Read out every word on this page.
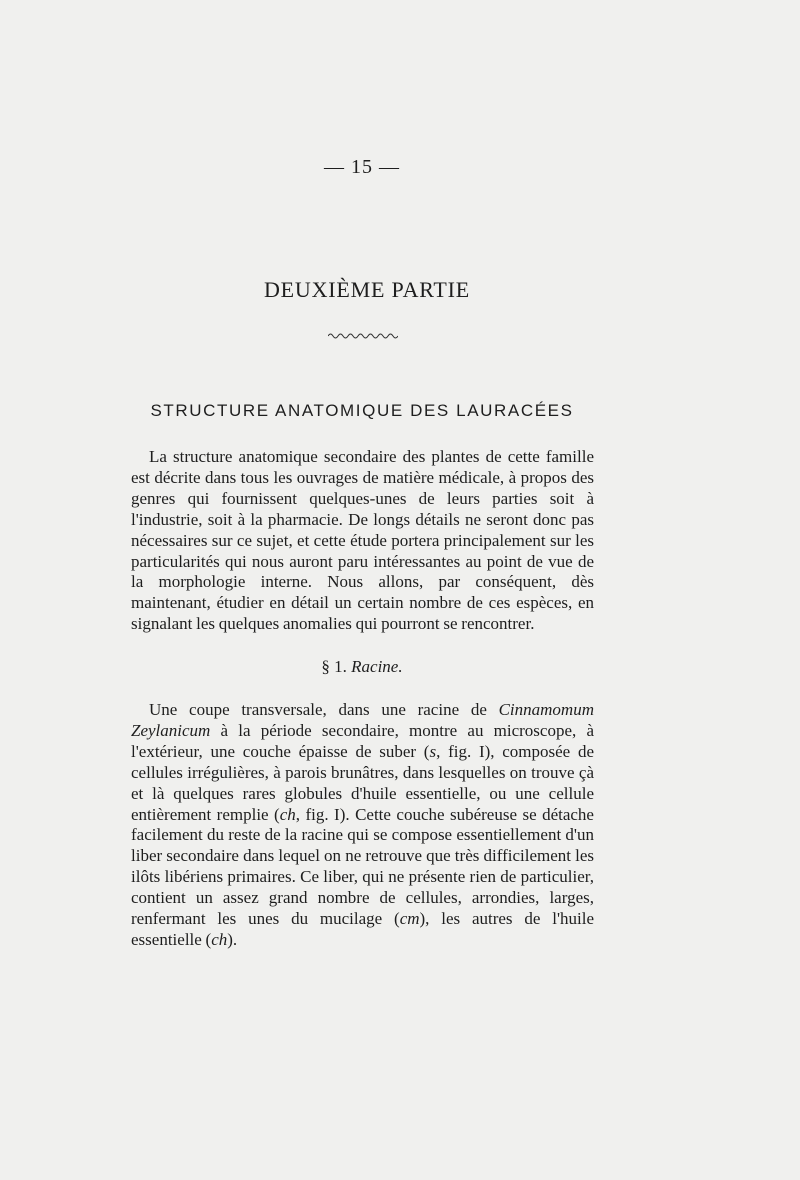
— 15 —
DEUXIÈME PARTIE
STRUCTURE ANATOMIQUE DES LAURACÉES

La structure anatomique secondaire des plantes de cette famille est décrite dans tous les ouvrages de matière médicale, à propos des genres qui fournissent quelques-unes de leurs parties soit à l'industrie, soit à la pharmacie. De longs détails ne seront donc pas nécessaires sur ce sujet, et cette étude portera principalement sur les particularités qui nous auront paru intéressantes au point de vue de la morphologie interne. Nous allons, par conséquent, dès maintenant, étudier en détail un certain nombre de ces espèces, en signalant les quelques anomalies qui pourront se rencontrer.

§ 1. Racine.

Une coupe transversale, dans une racine de Cinnamomum Zeylanicum à la période secondaire, montre au microscope, à l'extérieur, une couche épaisse de suber (s, fig. I), composée de cellules irrégulières, à parois brunâtres, dans lesquelles on trouve çà et là quelques rares globules d'huile essentielle, ou une cellule entièrement remplie (ch, fig. I). Cette couche subéreuse se détache facilement du reste de la racine qui se compose essentiellement d'un liber secondaire dans lequel on ne retrouve que très difficilement les ilôts libériens primaires. Ce liber, qui ne présente rien de particulier, contient un assez grand nombre de cellules, arrondies, larges, renfermant les unes du mucilage (cm), les autres de l'huile essentielle (ch).
